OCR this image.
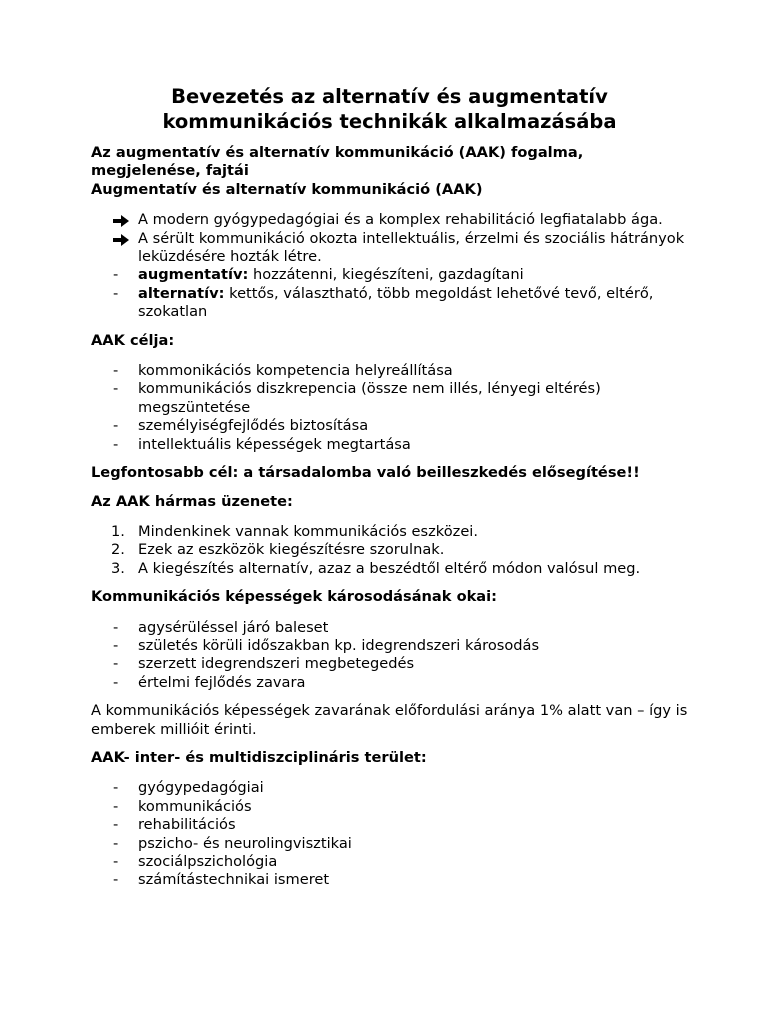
Bevezetés az alternatív és augmentatív
kommunikációs technikák alkalmazásába

Az augmentatív és alternatív kommunikáció (AAK) fogalma, megjelenése, fajtái

Augmentatív és alternatív kommunikáció (AAK)

A modern gyógypedagógiai és a komplex rehabilitáció legfiatalabb ága.
A sérült kommunikáció okozta intellektuális, érzelmi és szociális hátrányok leküzdésére hozták létre.
- augmentatív: hozzátenni, kiegészíteni, gazdagítani
- alternatív: kettős, választható, több megoldást lehetővé tevő, eltérő, szokatlan

AAK célja:

- kommonikációs kompetencia helyreállítása
- kommunikációs diszkrepencia (össze nem illés, lényegi eltérés) megszüntetése
- személyiségfejlődés biztosítása
- intellektuális képességek megtartása

Legfontosabb cél: a társadalomba való beilleszkedés elősegítése!!

Az AAK hármas üzenete:

1. Mindenkinek vannak kommunikációs eszközei.
2. Ezek az eszközök kiegészítésre szorulnak.
3. A kiegészítés alternatív, azaz a beszédtől eltérő módon valósul meg.

Kommunikációs képességek károsodásának okai:

- agysérüléssel járó baleset
- születés körüli időszakban kp. idegrendszeri károsodás
- szerzett idegrendszeri megbetegedés
- értelmi fejlődés zavara

A kommunikációs képességek zavarának előfordulási aránya 1% alatt van – így is emberek millióit érinti.

AAK- inter- és multidiszciplináris terület:

- gyógypedagógiai
- kommunikációs
- rehabilitációs
- pszicho- és neurolingvisztikai
- szociálpszichológia
- számítástechnikai ismeret
